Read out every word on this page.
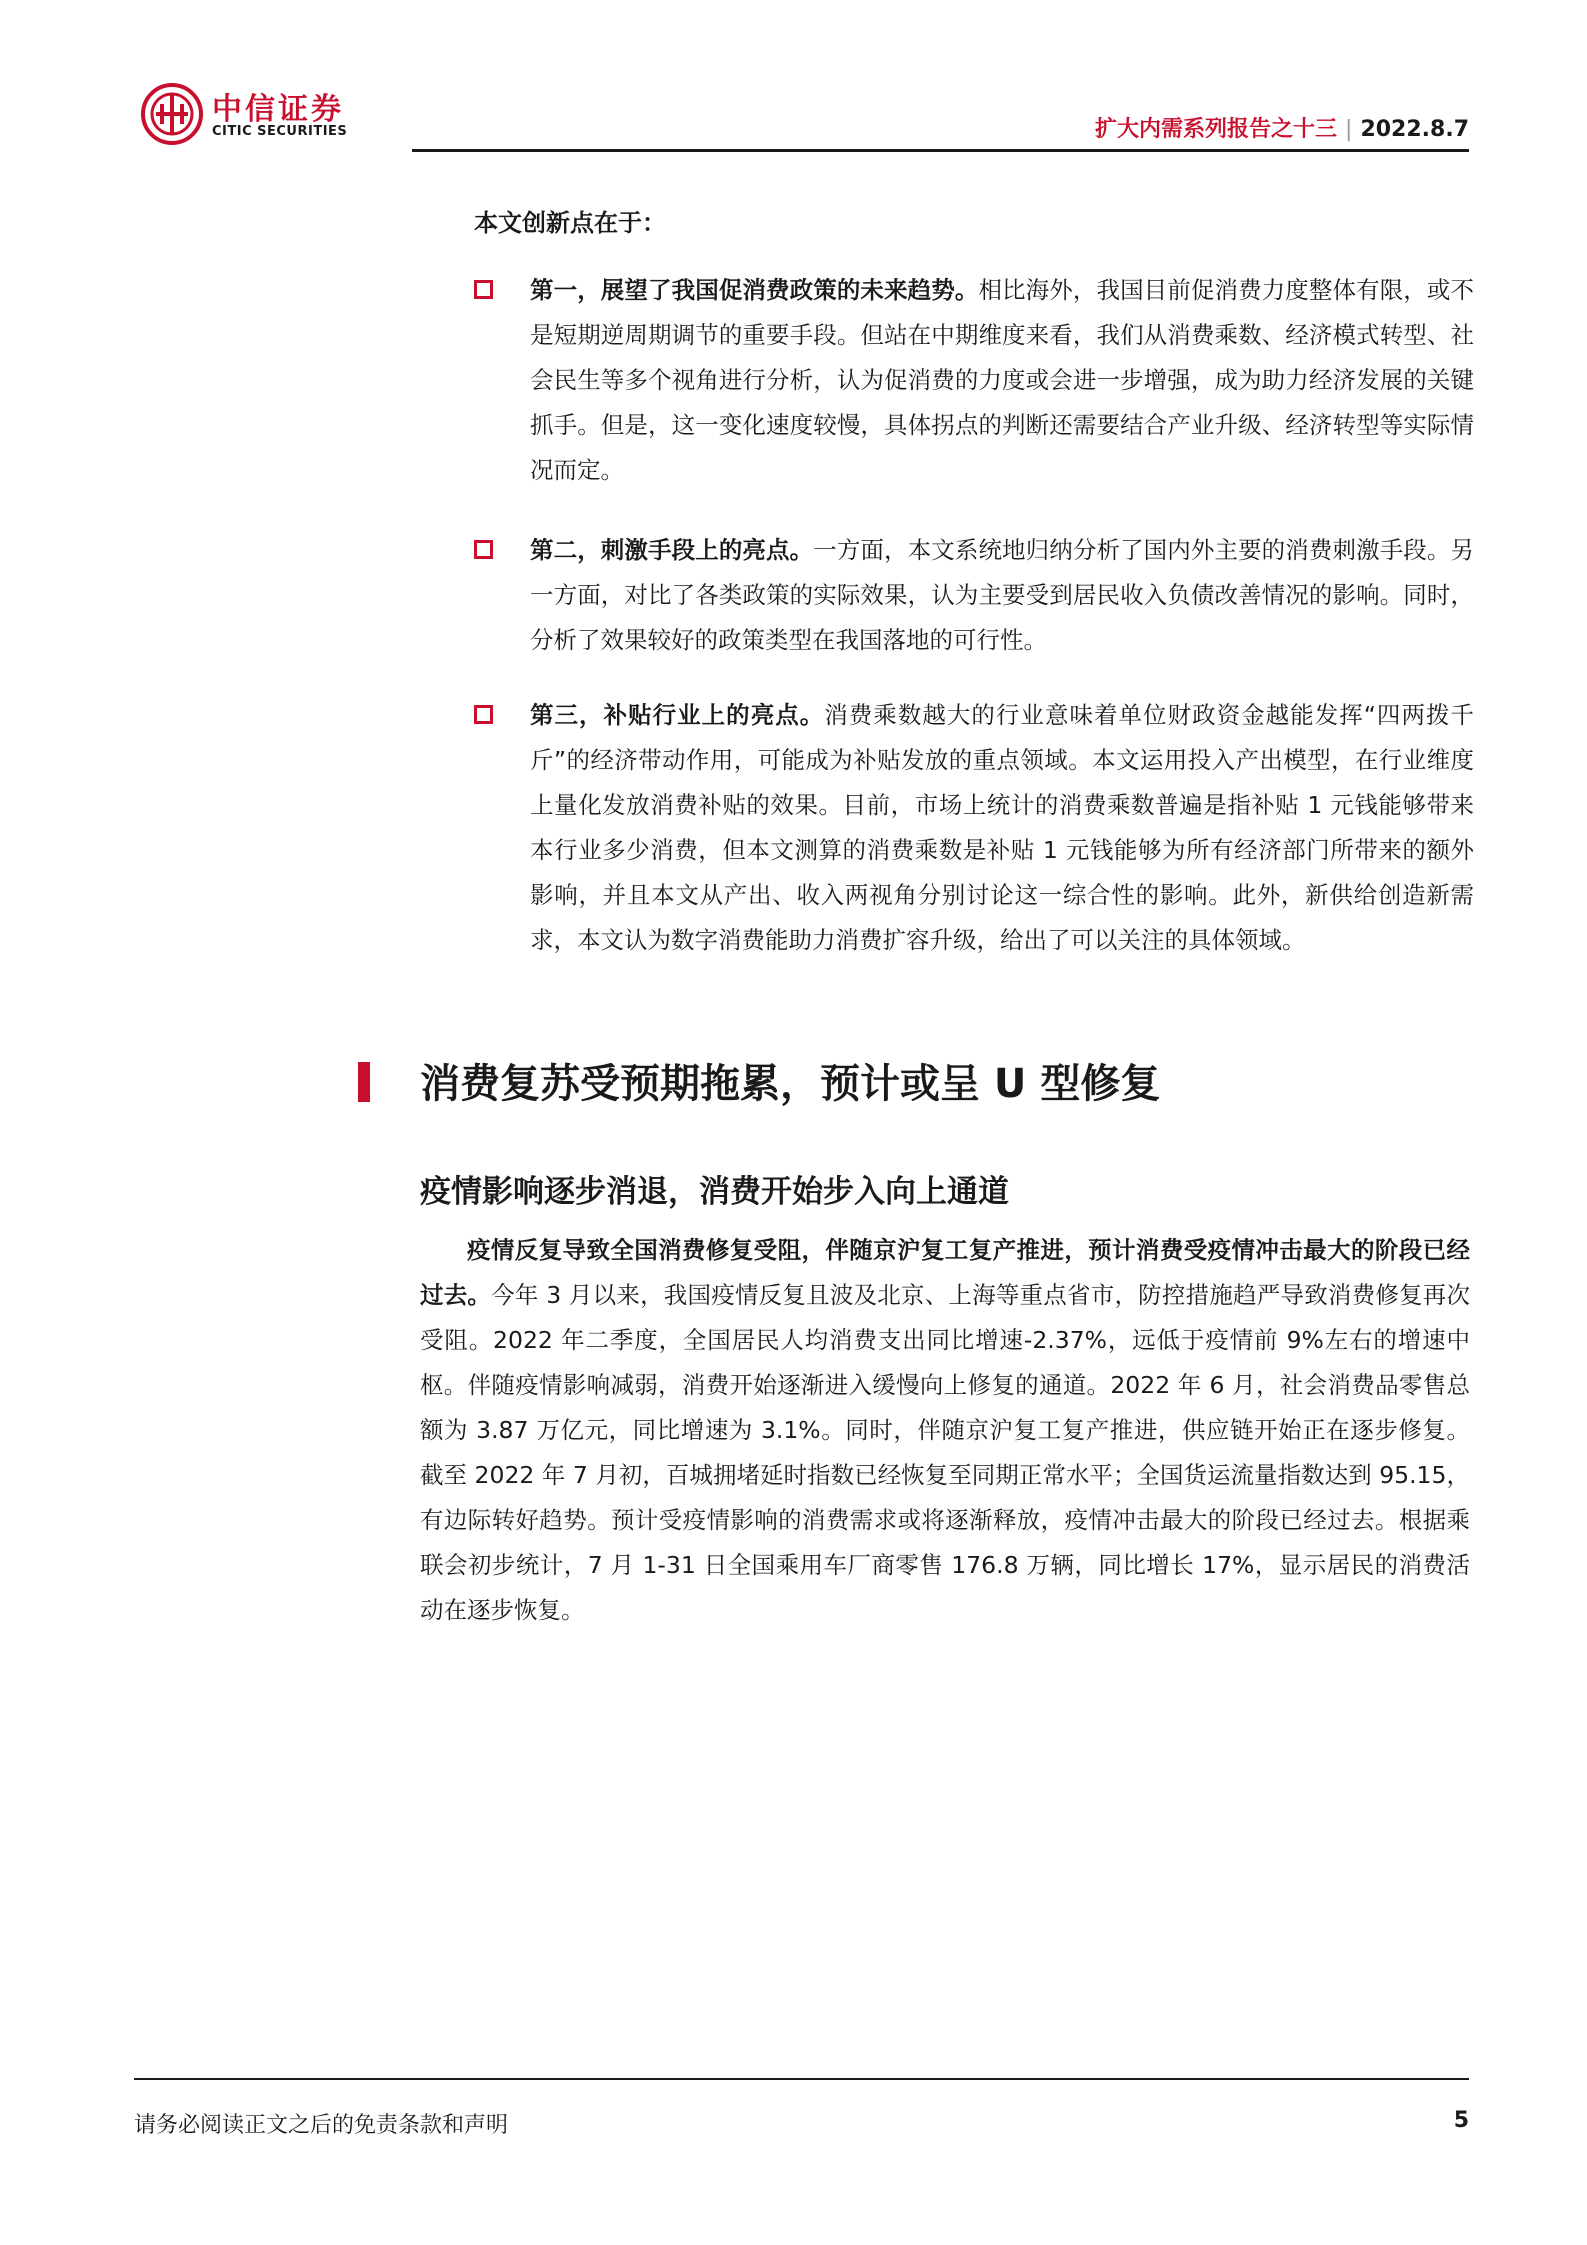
中信证券
CITIC SECURITIES	扩大内需系列报告之十三 | 2022.8.7
本文创新点在于：
第一，展望了我国促消费政策的未来趋势。相比海外，我国目前促消费力度整体有限，或不是短期逆周期调节的重要手段。但站在中期维度来看，我们从消费乘数、经济模式转型、社会民生等多个视角进行分析，认为促消费的力度或会进一步增强，成为助力经济发展的关键抓手。但是，这一变化速度较慢，具体拐点的判断还需要结合产业升级、经济转型等实际情况而定。
第二，刺激手段上的亮点。一方面，本文系统地归纳分析了国内外主要的消费刺激手段。另一方面，对比了各类政策的实际效果，认为主要受到居民收入负债改善情况的影响。同时，分析了效果较好的政策类型在我国落地的可行性。
第三，补贴行业上的亮点。消费乘数越大的行业意味着单位财政资金越能发挥“四两拨千斤”的经济带动作用，可能成为补贴发放的重点领域。本文运用投入产出模型，在行业维度上量化发放消费补贴的效果。目前，市场上统计的消费乘数普遍是指补贴 1 元钱能够带来本行业多少消费，但本文测算的消费乘数是补贴 1 元钱能够为所有经济部门所带来的额外影响，并且本文从产出、收入两视角分别讨论这一综合性的影响。此外，新供给创造新需求，本文认为数字消费能助力消费扩容升级，给出了可以关注的具体领域。
消费复苏受预期拖累，预计或呈 U 型修复
疫情影响逐步消退，消费开始步入向上通道
疫情反复导致全国消费修复受阻，伴随京沪复工复产推进，预计消费受疫情冲击最大的阶段已经过去。今年 3 月以来，我国疫情反复且波及北京、上海等重点省市，防控措施趋严导致消费修复再次受阻。2022 年二季度，全国居民人均消费支出同比增速-2.37%，远低于疫情前 9%左右的增速中枢。伴随疫情影响减弱，消费开始逐渐进入缓慢向上修复的通道。2022 年 6 月，社会消费品零售总额为 3.87 万亿元，同比增速为 3.1%。同时，伴随京沪复工复产推进，供应链开始正在逐步修复。截至 2022 年 7 月初，百城拥堵延时指数已经恢复至同期正常水平；全国货运流量指数达到 95.15，有边际转好趋势。预计受疫情影响的消费需求或将逐渐释放，疫情冲击最大的阶段已经过去。根据乘联会初步统计，7 月 1-31 日全国乘用车厂商零售 176.8 万辆，同比增长 17%，显示居民的消费活动在逐步恢复。
请务必阅读正文之后的免责条款和声明	5
